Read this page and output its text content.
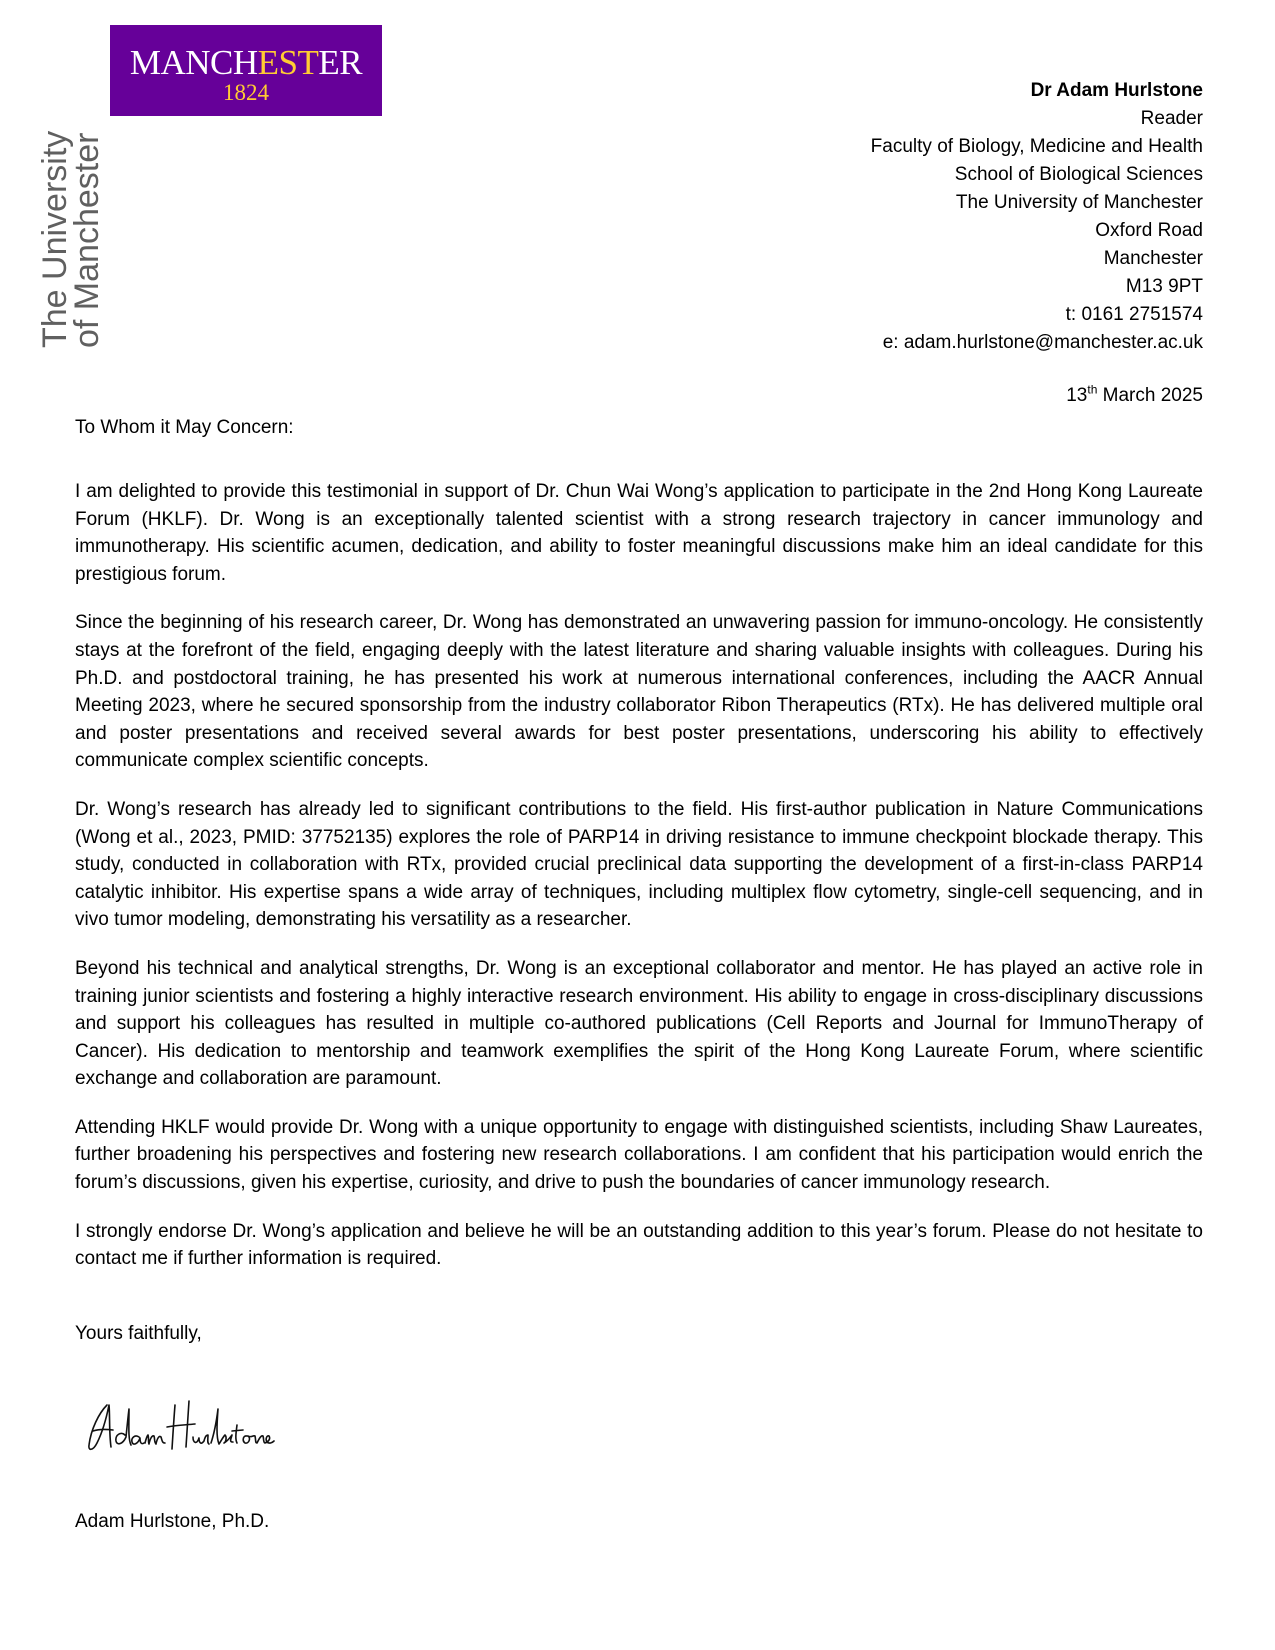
MANCHESTER
1824
The University
of Manchester
Dr Adam Hurlstone
Reader
Faculty of Biology, Medicine and Health
School of Biological Sciences
The University of Manchester
Oxford Road
Manchester
M13 9PT
t: 0161 2751574
e: adam.hurlstone@manchester.ac.uk
13th March 2025
To Whom it May Concern:

I am delighted to provide this testimonial in support of Dr. Chun Wai Wong’s application to participate in the 2nd Hong Kong Laureate Forum (HKLF). Dr. Wong is an exceptionally talented scientist with a strong research trajectory in cancer immunology and immunotherapy. His scientific acumen, dedication, and ability to foster meaningful discussions make him an ideal candidate for this prestigious forum.

Since the beginning of his research career, Dr. Wong has demonstrated an unwavering passion for immuno-oncology. He consistently stays at the forefront of the field, engaging deeply with the latest literature and sharing valuable insights with colleagues. During his Ph.D. and postdoctoral training, he has presented his work at numerous international conferences, including the AACR Annual Meeting 2023, where he secured sponsorship from the industry collaborator Ribon Therapeutics (RTx). He has delivered multiple oral and poster presentations and received several awards for best poster presentations, underscoring his ability to effectively communicate complex scientific concepts.

Dr. Wong’s research has already led to significant contributions to the field. His first-author publication in Nature Communications (Wong et al., 2023, PMID: 37752135) explores the role of PARP14 in driving resistance to immune checkpoint blockade therapy. This study, conducted in collaboration with RTx, provided crucial preclinical data supporting the development of a first-in-class PARP14 catalytic inhibitor. His expertise spans a wide array of techniques, including multiplex flow cytometry, single-cell sequencing, and in vivo tumor modeling, demonstrating his versatility as a researcher.

Beyond his technical and analytical strengths, Dr. Wong is an exceptional collaborator and mentor. He has played an active role in training junior scientists and fostering a highly interactive research environment. His ability to engage in cross-disciplinary discussions and support his colleagues has resulted in multiple co-authored publications (Cell Reports and Journal for ImmunoTherapy of Cancer). His dedication to mentorship and teamwork exemplifies the spirit of the Hong Kong Laureate Forum, where scientific exchange and collaboration are paramount.

Attending HKLF would provide Dr. Wong with a unique opportunity to engage with distinguished scientists, including Shaw Laureates, further broadening his perspectives and fostering new research collaborations. I am confident that his participation would enrich the forum’s discussions, given his expertise, curiosity, and drive to push the boundaries of cancer immunology research.

I strongly endorse Dr. Wong’s application and believe he will be an outstanding addition to this year’s forum. Please do not hesitate to contact me if further information is required.

Yours faithfully,
Adam Hurlstone, Ph.D.
